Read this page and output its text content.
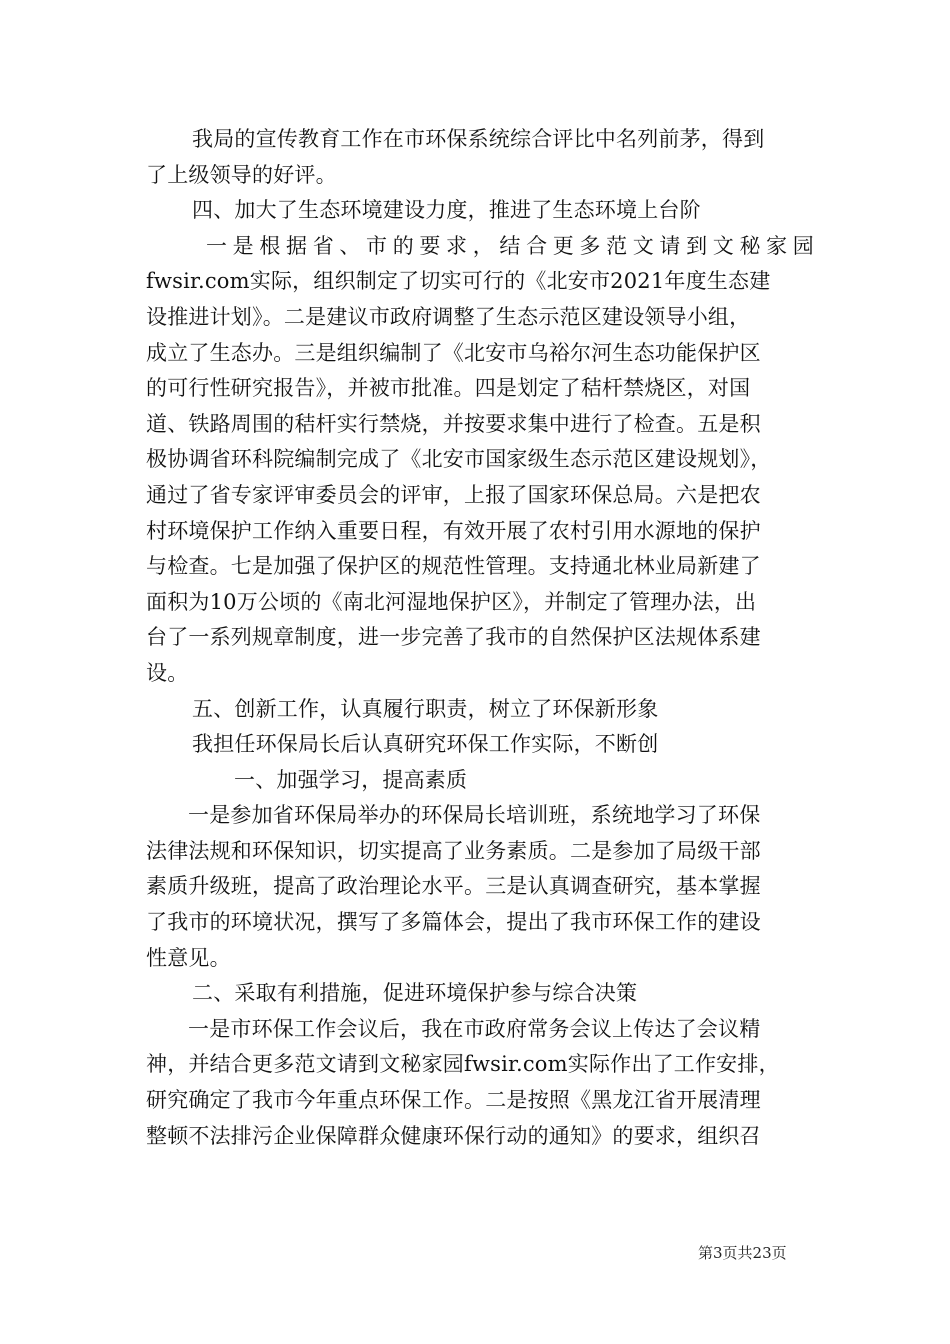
我局的宣传教育工作在市环保系统综合评比中名列前茅，得到
了上级领导的好评。
四、加大了生态环境建设力度，推进了生态环境上台阶
一 是 根 据 省 、 市 的 要 求 ， 结 合 更 多 范 文 请 到 文 秘 家 园
fwsir.com实际，组织制定了切实可行的《北安市2021年度生态建
设推进计划》。二是建议市政府调整了生态示范区建设领导小组，
成立了生态办。三是组织编制了《北安市乌裕尔河生态功能保护区
的可行性研究报告》，并被市批准。四是划定了秸杆禁烧区，对国
道、铁路周围的秸杆实行禁烧，并按要求集中进行了检查。五是积
极协调省环科院编制完成了《北安市国家级生态示范区建设规划》，
通过了省专家评审委员会的评审，上报了国家环保总局。六是把农
村环境保护工作纳入重要日程，有效开展了农村引用水源地的保护
与检查。七是加强了保护区的规范性管理。支持通北林业局新建了
面积为10万公顷的《南北河湿地保护区》，并制定了管理办法，出
台了一系列规章制度，进一步完善了我市的自然保护区法规体系建
设。
五、创新工作，认真履行职责，树立了环保新形象
我担任环保局长后认真研究环保工作实际，不断创
一、加强学习，提高素质
一是参加省环保局举办的环保局长培训班，系统地学习了环保
法律法规和环保知识，切实提高了业务素质。二是参加了局级干部
素质升级班，提高了政治理论水平。三是认真调查研究，基本掌握
了我市的环境状况，撰写了多篇体会，提出了我市环保工作的建设
性意见。
二、采取有利措施，促进环境保护参与综合决策
一是市环保工作会议后，我在市政府常务会议上传达了会议精
神，并结合更多范文请到文秘家园fwsir.com实际作出了工作安排，
研究确定了我市今年重点环保工作。二是按照《黑龙江省开展清理
整顿不法排污企业保障群众健康环保行动的通知》的要求，组织召
第3页共23页
